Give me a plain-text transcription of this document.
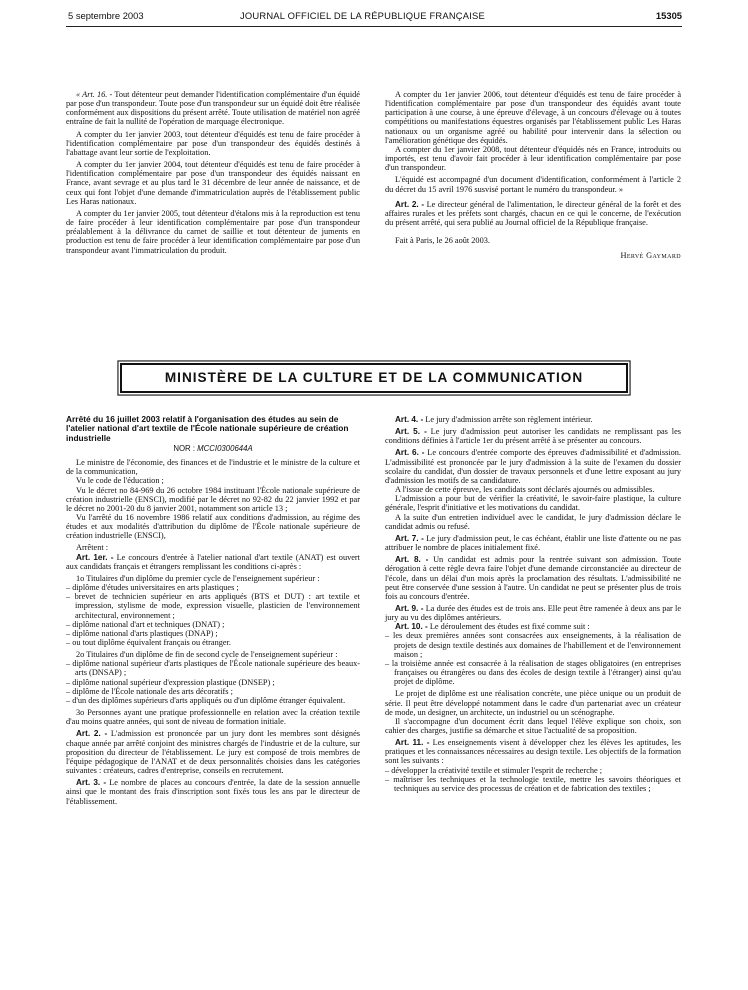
5 septembre 2003	JOURNAL OFFICIEL DE LA RÉPUBLIQUE FRANÇAISE	15305

« Art. 16. - Tout détenteur peut demander l'identification complémentaire d'un équidé par pose d'un transpondeur. Toute pose d'un transpondeur sur un équidé doit être réalisée conformément aux dispositions du présent arrêté. Toute utilisation de matériel non agréé entraîne de fait la nullité de l'opération de marquage électronique.

A compter du 1er janvier 2003, tout détenteur d'équidés est tenu de faire procéder à l'identification complémentaire par pose d'un transpondeur des équidés destinés à l'abattage avant leur sortie de l'exploitation.

A compter du 1er janvier 2004, tout détenteur d'équidés est tenu de faire procéder à l'identification complémentaire par pose d'un transpondeur des équidés naissant en France, avant sevrage et au plus tard le 31 décembre de leur année de naissance, et de ceux qui font l'objet d'une demande d'immatriculation auprès de l'établissement public Les Haras nationaux.

A compter du 1er janvier 2005, tout détenteur d'étalons mis à la reproduction est tenu de faire procéder à leur identification complémentaire par pose d'un transpondeur préalablement à la délivrance du carnet de saillie et tout détenteur de juments en production est tenu de faire procéder à leur identification complémentaire par pose d'un transpondeur avant l'immatriculation du produit.

A compter du 1er janvier 2006, tout détenteur d'équidés est tenu de faire procéder à l'identification complémentaire par pose d'un transpondeur des équidés avant toute participation à une course, à une épreuve d'élevage, à un concours d'élevage ou à toutes compétitions ou manifestations équestres organisés par l'établissement public Les Haras nationaux ou un organisme agréé ou habilité pour intervenir dans la sélection ou l'amélioration génétique des équidés.

A compter du 1er janvier 2008, tout détenteur d'équidés nés en France, introduits ou importés, est tenu d'avoir fait procéder à leur identification complémentaire par pose d'un transpondeur.

L'équidé est accompagné d'un document d'identification, conformément à l'article 2 du décret du 15 avril 1976 susvisé portant le numéro du transpondeur. »

Art. 2. - Le directeur général de l'alimentation, le directeur général de la forêt et des affaires rurales et les préfets sont chargés, chacun en ce qui le concerne, de l'exécution du présent arrêté, qui sera publié au Journal officiel de la République française.

Fait à Paris, le 26 août 2003.

Hervé Gaymard

MINISTÈRE DE LA CULTURE ET DE LA COMMUNICATION
Arrêté du 16 juillet 2003 relatif à l'organisation des études au sein de l'atelier national d'art textile de l'École nationale supérieure de création industrielle
NOR : MCCI0300644A

Le ministre de l'économie, des finances et de l'industrie et le ministre de la culture et de la communication,

Vu le code de l'éducation ;

Vu le décret no 84-969 du 26 octobre 1984 instituant l'École nationale supérieure de création industrielle (ENSCI), modifié par le décret no 92-82 du 22 janvier 1992 et par le décret no 2001-20 du 8 janvier 2001, notamment son article 13 ;

Vu l'arrêté du 16 novembre 1986 relatif aux conditions d'admission, au régime des études et aux modalités d'attribution du diplôme de l'École nationale supérieure de création industrielle (ENSCI),

Arrêtent :

Art. 1er. - Le concours d'entrée à l'atelier national d'art textile (ANAT) est ouvert aux candidats français et étrangers remplissant les conditions ci-après :

1o Titulaires d'un diplôme du premier cycle de l'enseignement supérieur :

– diplôme d'études universitaires en arts plastiques ;
– brevet de technicien supérieur en arts appliqués (BTS et DUT) : art textile et impression, stylisme de mode, expression visuelle, plasticien de l'environnement architectural, environnement ;
– diplôme national d'art et techniques (DNAT) ;
– diplôme national d'arts plastiques (DNAP) ;
– ou tout diplôme équivalent français ou étranger.

2o Titulaires d'un diplôme de fin de second cycle de l'enseignement supérieur :

– diplôme national supérieur d'arts plastiques de l'École nationale supérieure des beaux-arts (DNSAP) ;
– diplôme national supérieur d'expression plastique (DNSEP) ;
– diplôme de l'École nationale des arts décoratifs ;
– d'un des diplômes supérieurs d'arts appliqués ou d'un diplôme étranger équivalent.

3o Personnes ayant une pratique professionnelle en relation avec la création textile d'au moins quatre années, qui sont de niveau de formation initiale.

Art. 2. - L'admission est prononcée par un jury dont les membres sont désignés chaque année par arrêté conjoint des ministres chargés de l'industrie et de la culture, sur proposition du directeur de l'établissement. Le jury est composé de trois membres de l'équipe pédagogique de l'ANAT et de deux personnalités choisies dans les catégories suivantes : créateurs, cadres d'entreprise, conseils en recrutement.

Art. 3. - Le nombre de places au concours d'entrée, la date de la session annuelle ainsi que le montant des frais d'inscription sont fixés tous les ans par le directeur de l'établissement.

Art. 4. - Le jury d'admission arrête son règlement intérieur.

Art. 5. - Le jury d'admission peut autoriser les candidats ne remplissant pas les conditions définies à l'article 1er du présent arrêté à se présenter au concours.

Art. 6. - Le concours d'entrée comporte des épreuves d'admissibilité et d'admission. L'admissibilité est prononcée par le jury d'admission à la suite de l'examen du dossier scolaire du candidat, d'un dossier de travaux personnels et d'une lettre exposant au jury d'admission les motifs de sa candidature.

A l'issue de cette épreuve, les candidats sont déclarés ajournés ou admissibles.

L'admission a pour but de vérifier la créativité, le savoir-faire plastique, la culture générale, l'esprit d'initiative et les motivations du candidat.

A la suite d'un entretien individuel avec le candidat, le jury d'admission déclare le candidat admis ou refusé.

Art. 7. - Le jury d'admission peut, le cas échéant, établir une liste d'attente ou ne pas attribuer le nombre de places initialement fixé.

Art. 8. - Un candidat est admis pour la rentrée suivant son admission. Toute dérogation à cette règle devra faire l'objet d'une demande circonstanciée au directeur de l'école, dans un délai d'un mois après la proclamation des résultats. L'admissibilité ne peut être conservée d'une session à l'autre. Un candidat ne peut se présenter plus de trois fois au concours d'entrée.

Art. 9. - La durée des études est de trois ans. Elle peut être ramenée à deux ans par le jury au vu des diplômes antérieurs.

Art. 10. - Le déroulement des études est fixé comme suit :

– les deux premières années sont consacrées aux enseignements, à la réalisation de projets de design textile destinés aux domaines de l'habillement et de l'environnement maison ;
– la troisième année est consacrée à la réalisation de stages obligatoires (en entreprises françaises ou étrangères ou dans des écoles de design textile à l'étranger) ainsi qu'au projet de diplôme.

Le projet de diplôme est une réalisation concrète, une pièce unique ou un produit de série. Il peut être développé notamment dans le cadre d'un partenariat avec un créateur de mode, un designer, un architecte, un industriel ou un scénographe.

Il s'accompagne d'un document écrit dans lequel l'élève explique son choix, son cahier des charges, justifie sa démarche et situe l'actualité de sa proposition.

Art. 11. - Les enseignements visent à développer chez les élèves les aptitudes, les pratiques et les connaissances nécessaires au design textile. Les objectifs de la formation sont les suivants :

– développer la créativité textile et stimuler l'esprit de recherche ;
– maîtriser les techniques et la technologie textile, mettre les savoirs théoriques et techniques au service des processus de création et de fabrication des textiles ;
